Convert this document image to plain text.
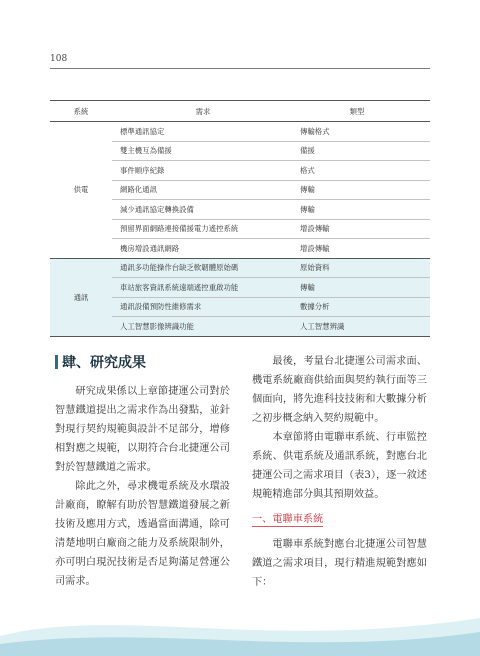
108
系統	需求	類型
供電
標準通訊協定	傳輸格式
雙主機互為備援	備援
事件順序紀錄	格式
網路化通訊	傳輸
減少通訊協定轉換設備	傳輸
預留界面網路連接備援電力遙控系統	增設傳輸
機房增設通訊網路	增設傳輸
通訊
通訊多功能操作台缺乏軟韌體原始碼	原始資料
車站旅客資訊系統遠端遙控重啟功能	傳輸
通訊設備預防性維修需求	數據分析
人工智慧影像辨識功能	人工智慧辨識
肆、研究成果

研究成果係以上章節捷運公司對於智慧鐵道提出之需求作為出發點，並針對現行契約規範與設計不足部分，增修相對應之規範，以期符合台北捷運公司對於智慧鐵道之需求。

除此之外，尋求機電系統及水環設計廠商，瞭解有助於智慧鐵道發展之新技術及應用方式，透過當面溝通，除可清楚地明白廠商之能力及系統限制外，亦可明白現況技術是否足夠滿足營運公司需求。

最後，考量台北捷運公司需求面、機電系統廠商供給面與契約執行面等三個面向，將先進科技技術和大數據分析之初步概念納入契約規範中。

本章節將由電聯車系統、行車監控系統、供電系統及通訊系統，對應台北捷運公司之需求項目（表3），逐一敘述規範精進部分與其預期效益。

一、電聯車系統

電聯車系統對應台北捷運公司智慧鐵道之需求項目，現行精進規範對應如下：
